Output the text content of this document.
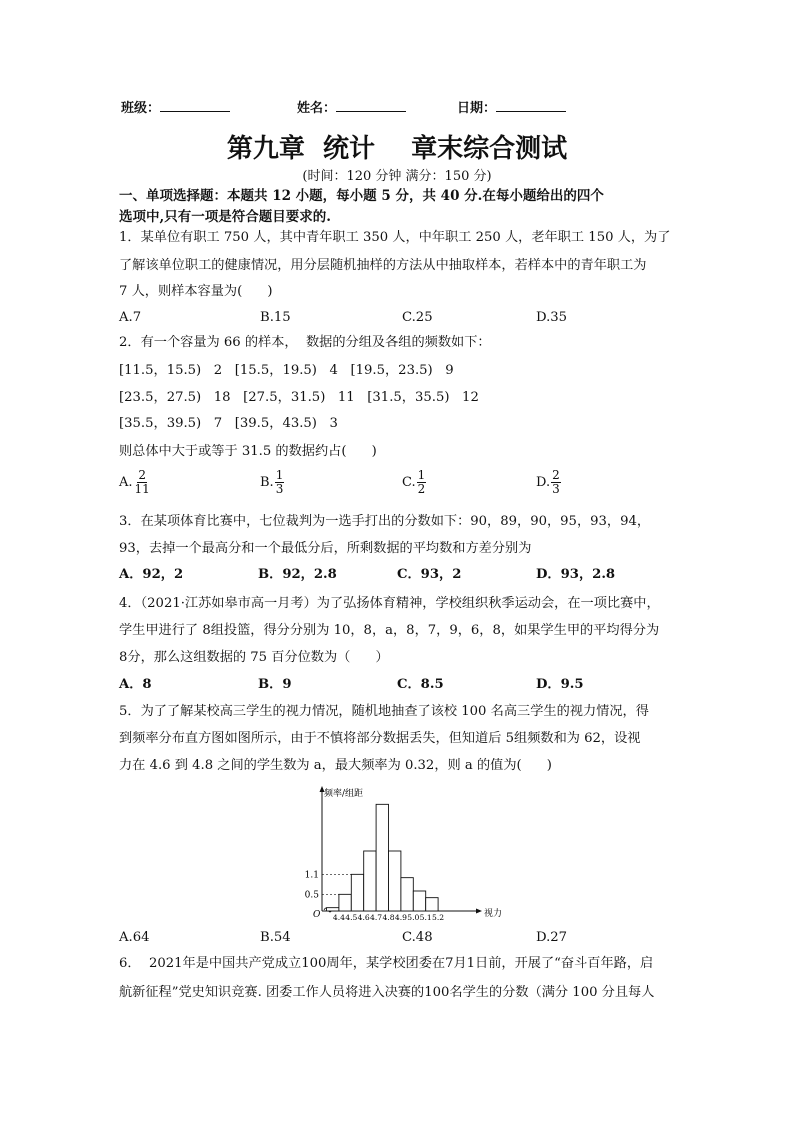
班级：	姓名：	日期：
第九章  统计    章末综合测试
(时间：120 分钟 满分：150 分)
一、单项选择题：本题共 12 小题，每小题 5 分，共 40 分.在每小题给出的四个
选项中,只有一项是符合题目要求的.
1．某单位有职工 750 人，其中青年职工 350 人，中年职工 250 人，老年职工 150 人，为了
了解该单位职工的健康情况，用分层随机抽样的方法从中抽取样本，若样本中的青年职工为
7 人，则样本容量为(      )
A.7	B.15	C.25	D.35
2．有一个容量为 66 的样本，  数据的分组及各组的频数如下：
[11.5，15.5)   2   [15.5，19.5)   4   [19.5，23.5)   9
[23.5，27.5)   18   [27.5，31.5)   11   [31.5，35.5)   12
[35.5，39.5)   7   [39.5，43.5)   3
则总体中大于或等于 31.5 的数据约占(      )
A. $\frac{2}{11}$	B. $\frac{1}{3}$	C. $\frac{1}{2}$	D. $\frac{2}{3}$
3．在某项体育比赛中，七位裁判为一选手打出的分数如下：90，89，90，95，93，94，
93，去掉一个最高分和一个最低分后，所剩数据的平均数和方差分别为
A．92，2	B．92，2.8	C．93，2	D．93，2.8
4．（2021·江苏如皋市高一月考）为了弘扬体育精神，学校组织秋季运动会，在一项比赛中，
学生甲进行了 8组投篮，得分分别为 10，8，a，8，7，9，6，8，如果学生甲的平均得分为
8分，那么这组数据的 75 百分位数为（      ）
A．8	B．9	C．8.5	D．9.5
5．为了了解某校高三学生的视力情况，随机地抽查了该校 100 名高三学生的视力情况，得
到频率分布直方图如图所示，由于不慎将部分数据丢失，但知道后 5组频数和为 62，设视
力在 4.6 到 4.8 之间的学生数为 a，最大频率为 0.32，则 a 的值为(      )
频率/组距
视力
O
1.1
0.5
4.4 4.5 4.6 4.7 4.8 4.9 5.0 5.1 5.2
A.64	B.54	C.48	D.27
6．  2021年是中国共产党成立100周年，某学校团委在7月1日前，开展了“奋斗百年路，启
航新征程”党史知识竞赛. 团委工作人员将进入决赛的100名学生的分数（满分 100 分且每人
